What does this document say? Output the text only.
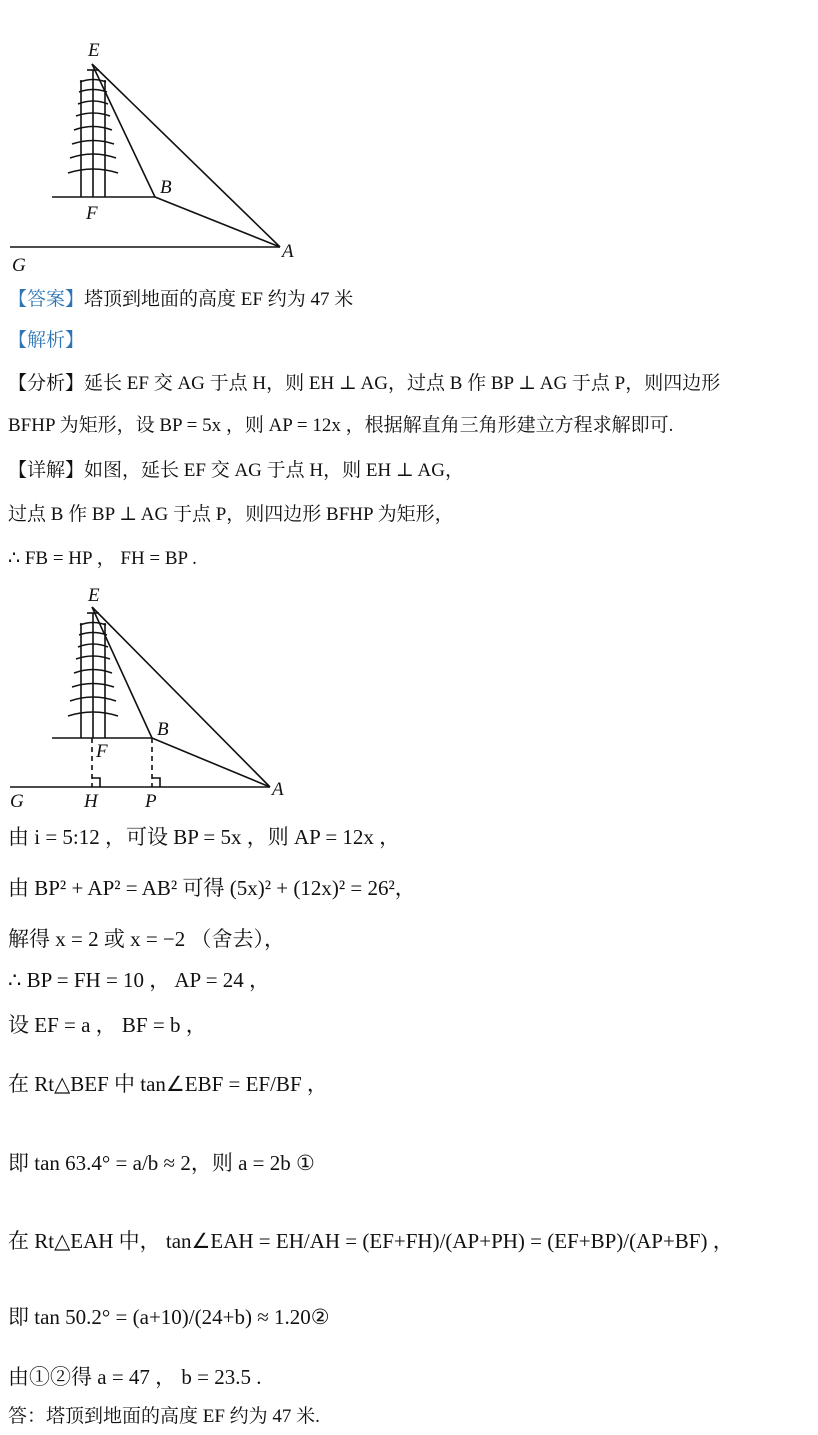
E
B
F
G
A
【答案】塔顶到地面的高度 EF 约为 47 米
【解析】
【分析】延长 EF 交 AG 于点 H，则 EH ⊥ AG，过点 B 作 BP ⊥ AG 于点 P，则四边形
BFHP 为矩形，设 BP = 5x ，则 AP = 12x ，根据解直角三角形建立方程求解即可.
【详解】如图，延长 EF 交 AG 于点 H，则 EH ⊥ AG，
过点 B 作 BP ⊥ AG 于点 P，则四边形 BFHP 为矩形，
∴ FB = HP ， FH = BP .
E
B
F
G	H P
A
由 i = 5:12 ，可设 BP = 5x ，则 AP = 12x ，
由 BP² + AP² = AB² 可得 (5x)² + (12x)² = 26²，
解得 x = 2 或 x = −2 （舍去），
∴ BP = FH = 10 ， AP = 24 ，
设 EF = a ， BF = b ，
在 Rt△BEF 中 tan∠EBF = EF/BF ，
即 tan 63.4° = a/b ≈ 2，则 a = 2b ①
在 Rt△EAH 中， tan∠EAH = EH/AH = (EF+FH)/(AP+PH) = (EF+BP)/(AP+BF) ，
即 tan 50.2° = (a+10)/(24+b) ≈ 1.20②
由①②得 a = 47 ， b = 23.5 .
答：塔顶到地面的高度 EF 约为 47 米.
